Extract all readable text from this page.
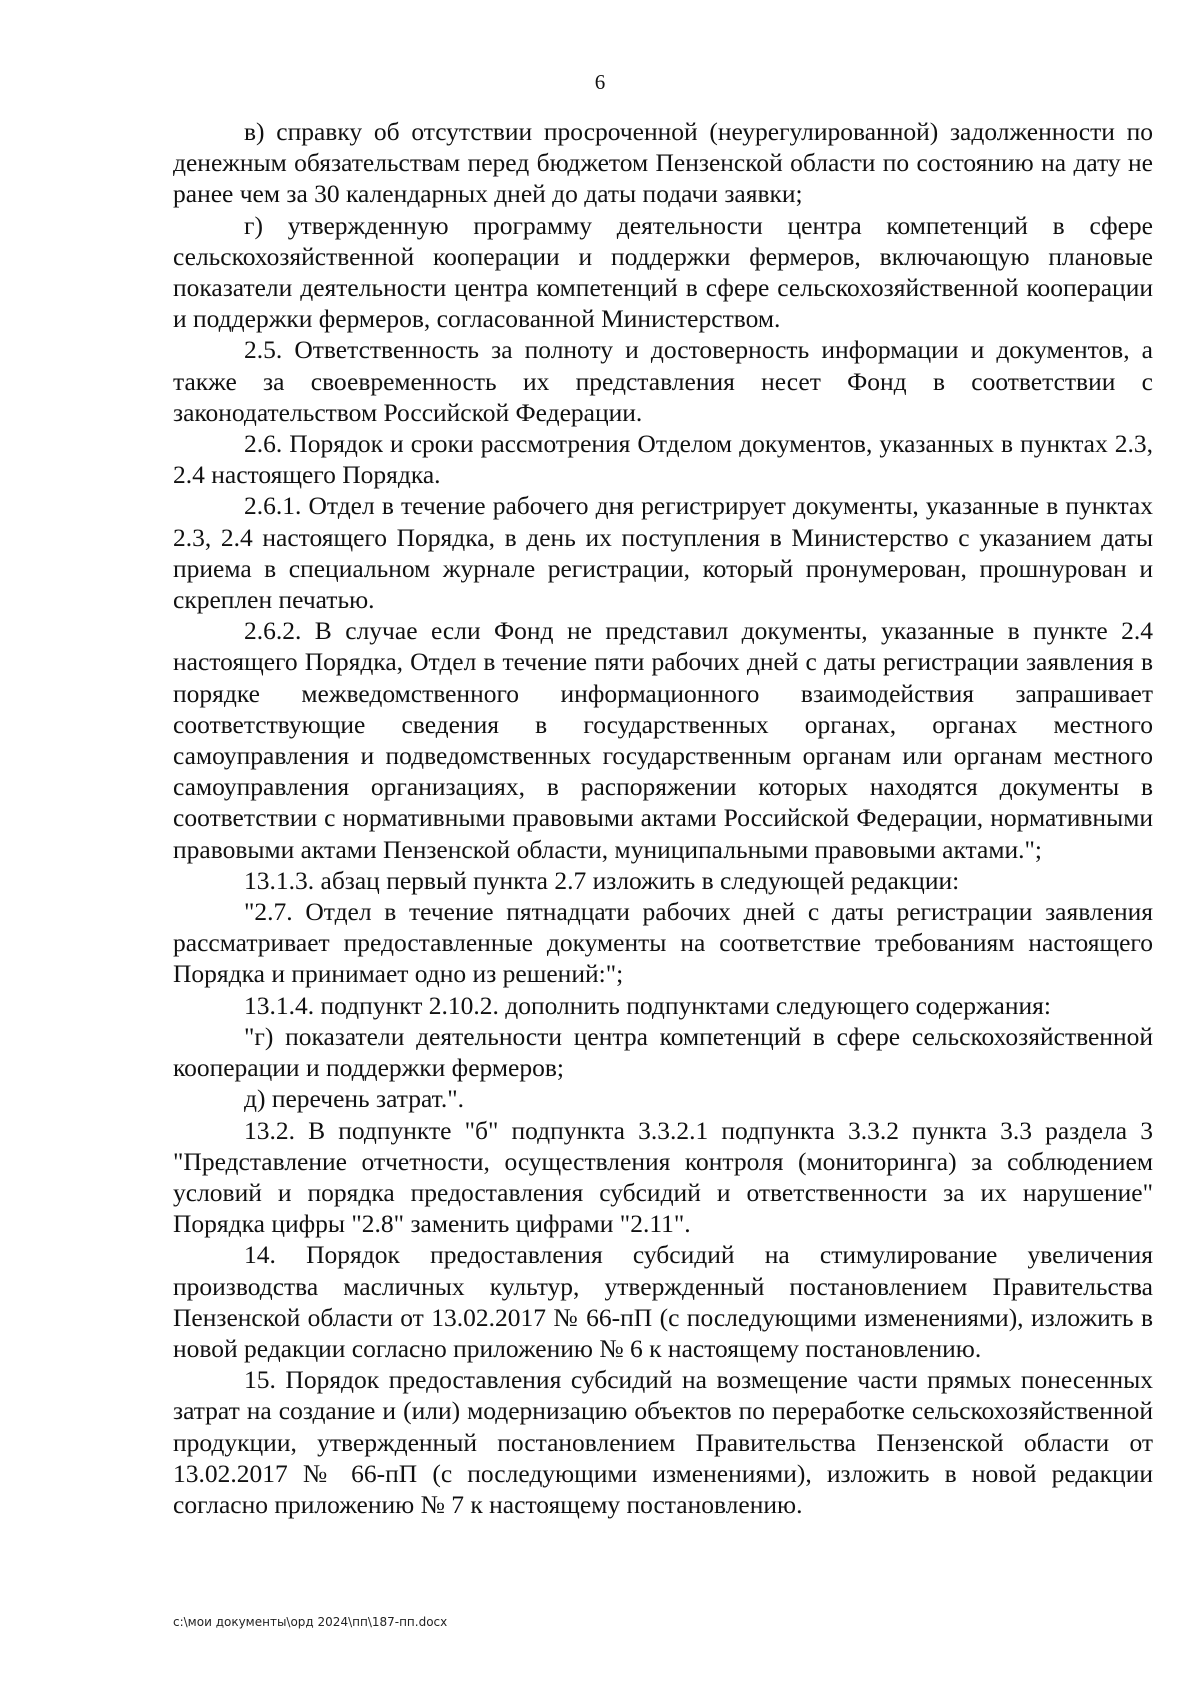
6

в) справку об отсутствии просроченной (неурегулированной) задолженности по денежным обязательствам перед бюджетом Пензенской области по состоянию на дату не ранее чем за 30 календарных дней до даты подачи заявки;

г) утвержденную программу деятельности центра компетенций в сфере сельскохозяйственной кооперации и поддержки фермеров, включающую плановые показатели деятельности центра компетенций в сфере сельскохозяйственной кооперации и поддержки фермеров, согласованной Министерством.

2.5. Ответственность за полноту и достоверность информации и документов, а также за своевременность их представления несет Фонд в соответствии с законодательством Российской Федерации.

2.6. Порядок и сроки рассмотрения Отделом документов, указанных в пунктах 2.3, 2.4 настоящего Порядка.

2.6.1. Отдел в течение рабочего дня регистрирует документы, указанные в пунктах 2.3, 2.4 настоящего Порядка, в день их поступления в Министерство с указанием даты приема в специальном журнале регистрации, который пронумерован, прошнурован и скреплен печатью.

2.6.2. В случае если Фонд не представил документы, указанные в пункте 2.4 настоящего Порядка, Отдел в течение пяти рабочих дней с даты регистрации заявления в порядке межведомственного информационного взаимодействия запрашивает соответствующие сведения в государственных органах, органах местного самоуправления и подведомственных государственным органам или органам местного самоуправления организациях, в распоряжении которых находятся документы в соответствии с нормативными правовыми актами Российской Федерации, нормативными правовыми актами Пензенской области, муниципальными правовыми актами.";

13.1.3. абзац первый пункта 2.7 изложить в следующей редакции:

"2.7. Отдел в течение пятнадцати рабочих дней с даты регистрации заявления рассматривает предоставленные документы на соответствие требованиям настоящего Порядка и принимает одно из решений:";

13.1.4. подпункт 2.10.2. дополнить подпунктами следующего содержания:

"г) показатели деятельности центра компетенций в сфере сельскохозяйственной кооперации и поддержки фермеров;

д) перечень затрат.".

13.2. В подпункте "б" подпункта 3.3.2.1 подпункта 3.3.2 пункта 3.3 раздела 3 "Представление отчетности, осуществления контроля (мониторинга) за соблюдением условий и порядка предоставления субсидий и ответственности за их нарушение" Порядка цифры "2.8" заменить цифрами "2.11".

14. Порядок предоставления субсидий на стимулирование увеличения производства масличных культур, утвержденный постановлением Правительства Пензенской области от 13.02.2017 № 66-пП (с последующими изменениями), изложить в новой редакции согласно приложению № 6 к настоящему постановлению.

15. Порядок предоставления субсидий на возмещение части прямых понесенных затрат на создание и (или) модернизацию объектов по переработке сельскохозяйственной продукции, утвержденный постановлением Правительства Пензенской области от 13.02.2017 № 66-пП (с последующими изменениями), изложить в новой редакции согласно приложению № 7 к настоящему постановлению.

c:\мои документы\орд 2024\пп\187-пп.docx
